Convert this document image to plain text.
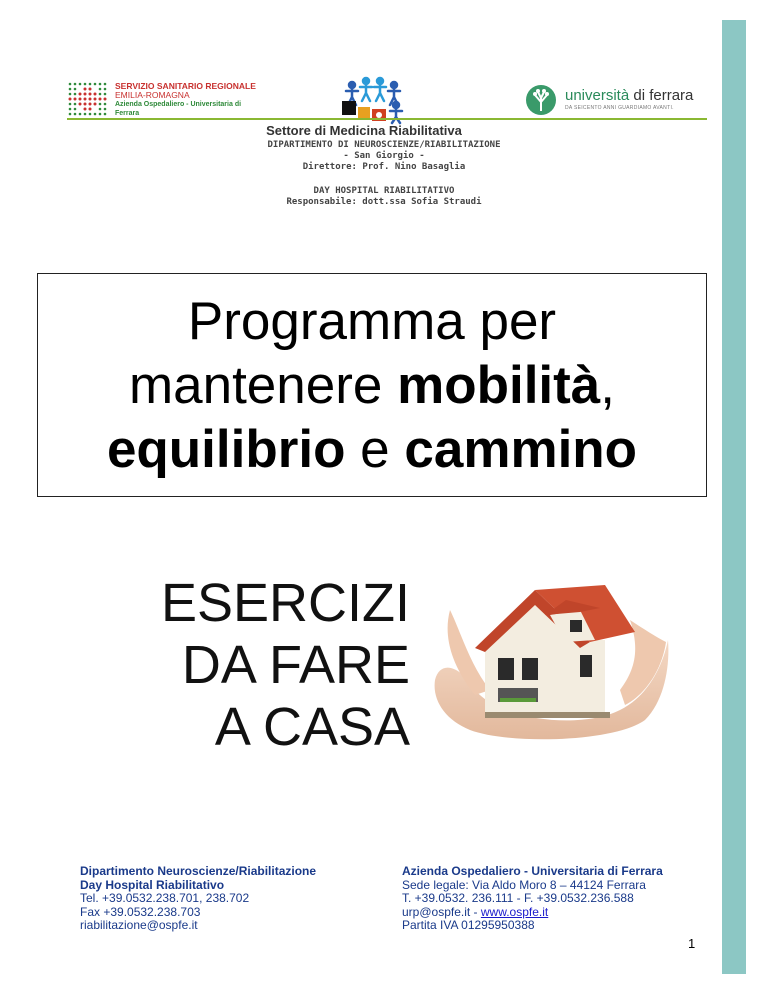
SERVIZIO SANITARIO REGIONALE
EMILIA-ROMAGNA
Azienda Ospedaliero - Universitaria di Ferrara
università di ferrara
DA SEICENTO ANNI GUARDIAMO AVANTI.
Settore di Medicina Riabilitativa
DIPARTIMENTO DI NEUROSCIENZE/RIABILITAZIONE
- San Giorgio -
Direttore: Prof. Nino Basaglia
DAY HOSPITAL RIABILITATIVO
Responsabile: dott.ssa Sofia Straudi
Programma per
mantenere mobilità,
equilibrio e cammino
ESERCIZI
DA FARE
A CASA
Dipartimento Neuroscienze/Riabilitazione
Day Hospital Riabilitativo
Tel. +39.0532.238.701, 238.702
Fax +39.0532.238.703
riabilitazione@ospfe.it
Azienda Ospedaliero - Universitaria di Ferrara
Sede legale: Via Aldo Moro 8 – 44124 Ferrara
T. +39.0532. 236.111 - F. +39.0532.236.588
urp@ospfe.it - www.ospfe.it
Partita IVA 01295950388
1
